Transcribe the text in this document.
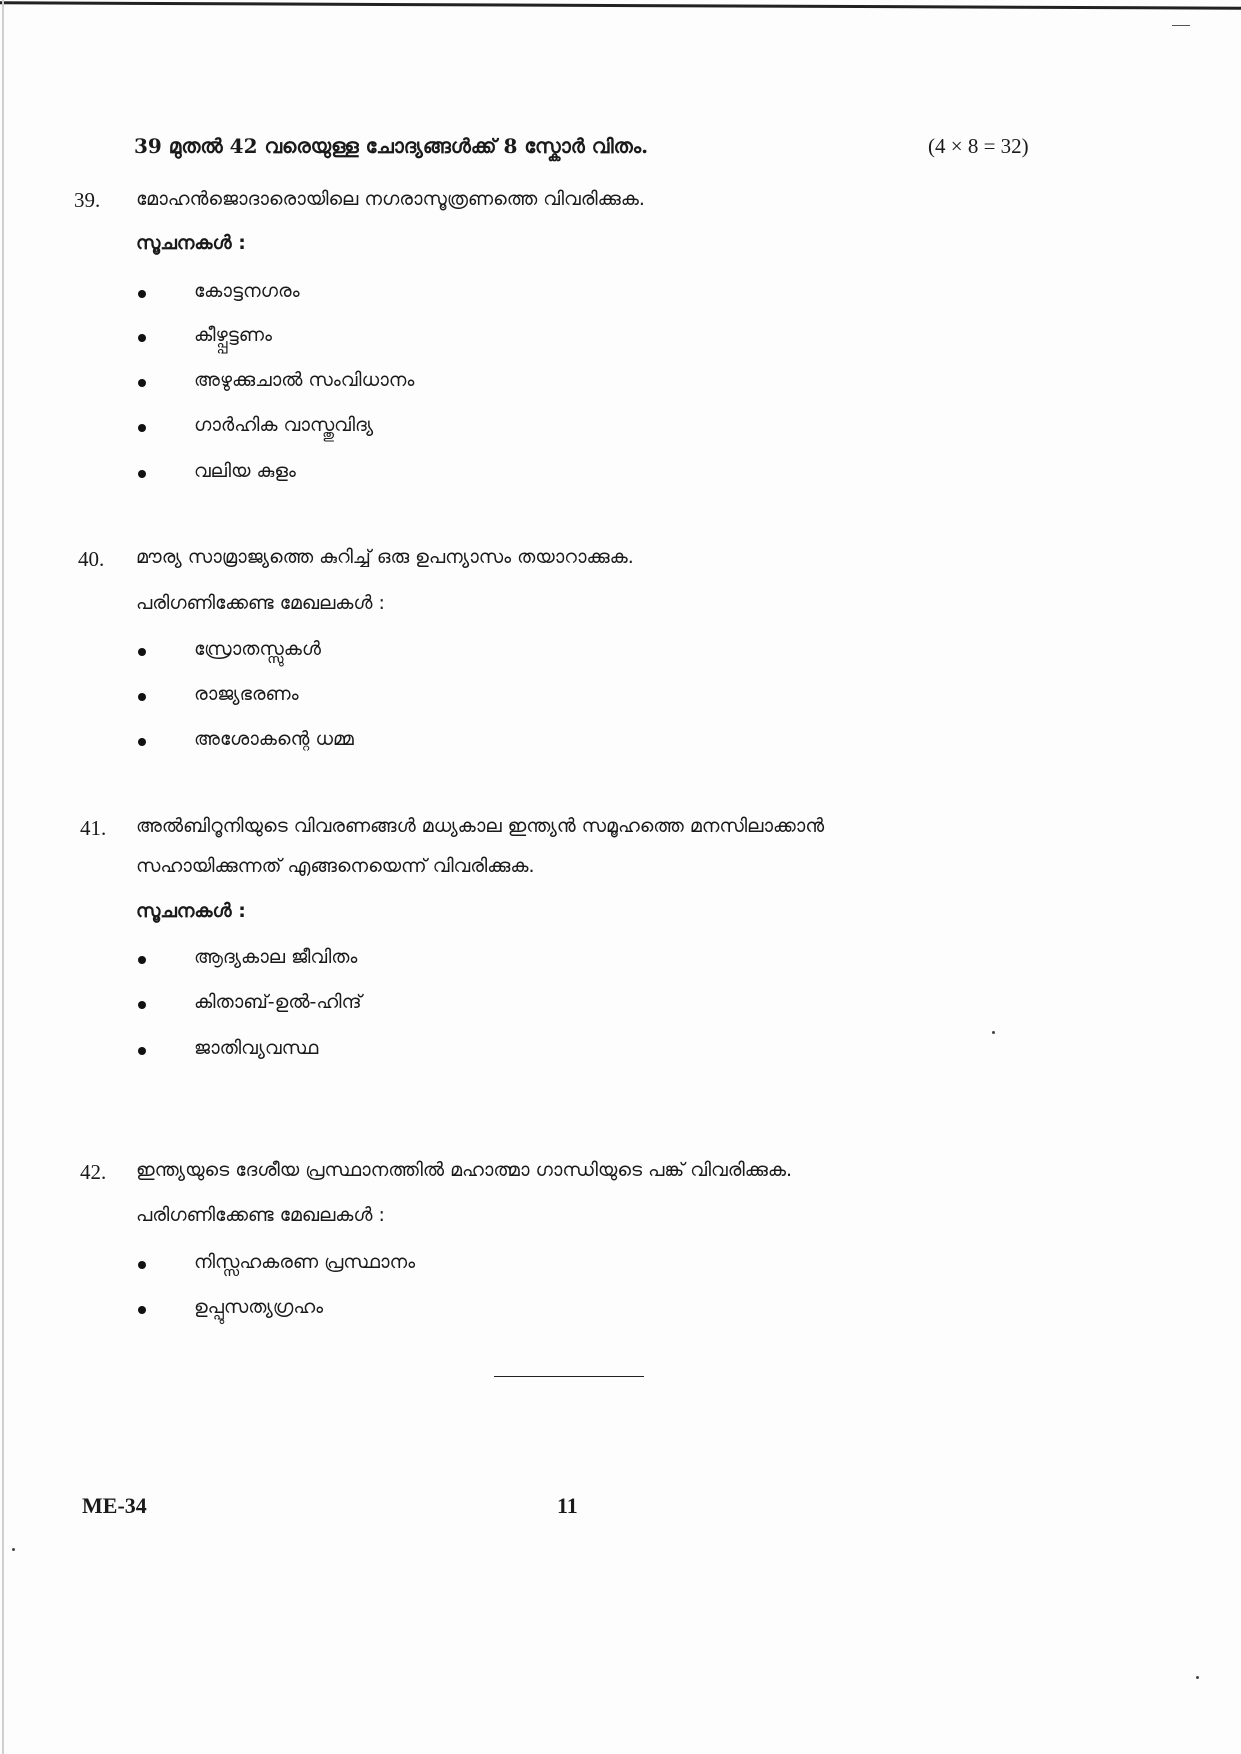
39 മുതൽ 42 വരെയുള്ള ചോദ്യങ്ങൾക്ക് 8 സ്കോർ വിതം.	(4 × 8 = 32)
39. മോഹൻജൊദാരൊയിലെ നഗരാസൂത്രണത്തെ വിവരിക്കുക.
സൂചനകൾ :
കോട്ടനഗരം
കീഴ്പ്പട്ടണം
അഴുക്കുചാൽ സംവിധാനം
ഗാർഹിക വാസ്തുവിദ്യ
വലിയ കുളം
40. മൗര്യ സാമ്രാജ്യത്തെ കുറിച്ച് ഒരു ഉപന്യാസം തയാറാക്കുക.
പരിഗണിക്കേണ്ട മേഖലകൾ :
സ്രോതസ്സുകൾ
രാജ്യഭരണം
അശോകന്റെ ധമ്മ
41. അൽബിറൂനിയുടെ വിവരണങ്ങൾ മധ്യകാല ഇന്ത്യൻ സമൂഹത്തെ മനസിലാക്കാൻ
സഹായിക്കുന്നത് എങ്ങനെയെന്ന് വിവരിക്കുക.
സൂചനകൾ :
ആദ്യകാല ജീവിതം
കിതാബ്-ഉൽ-ഹിന്ദ്
ജാതിവ്യവസ്ഥ
42. ഇന്ത്യയുടെ ദേശീയ പ്രസ്ഥാനത്തിൽ മഹാത്മാ ഗാന്ധിയുടെ പങ്ക് വിവരിക്കുക.
പരിഗണിക്കേണ്ട മേഖലകൾ :
നിസ്സഹകരണ പ്രസ്ഥാനം
ഉപ്പുസത്യഗ്രഹം
ME-34	11
